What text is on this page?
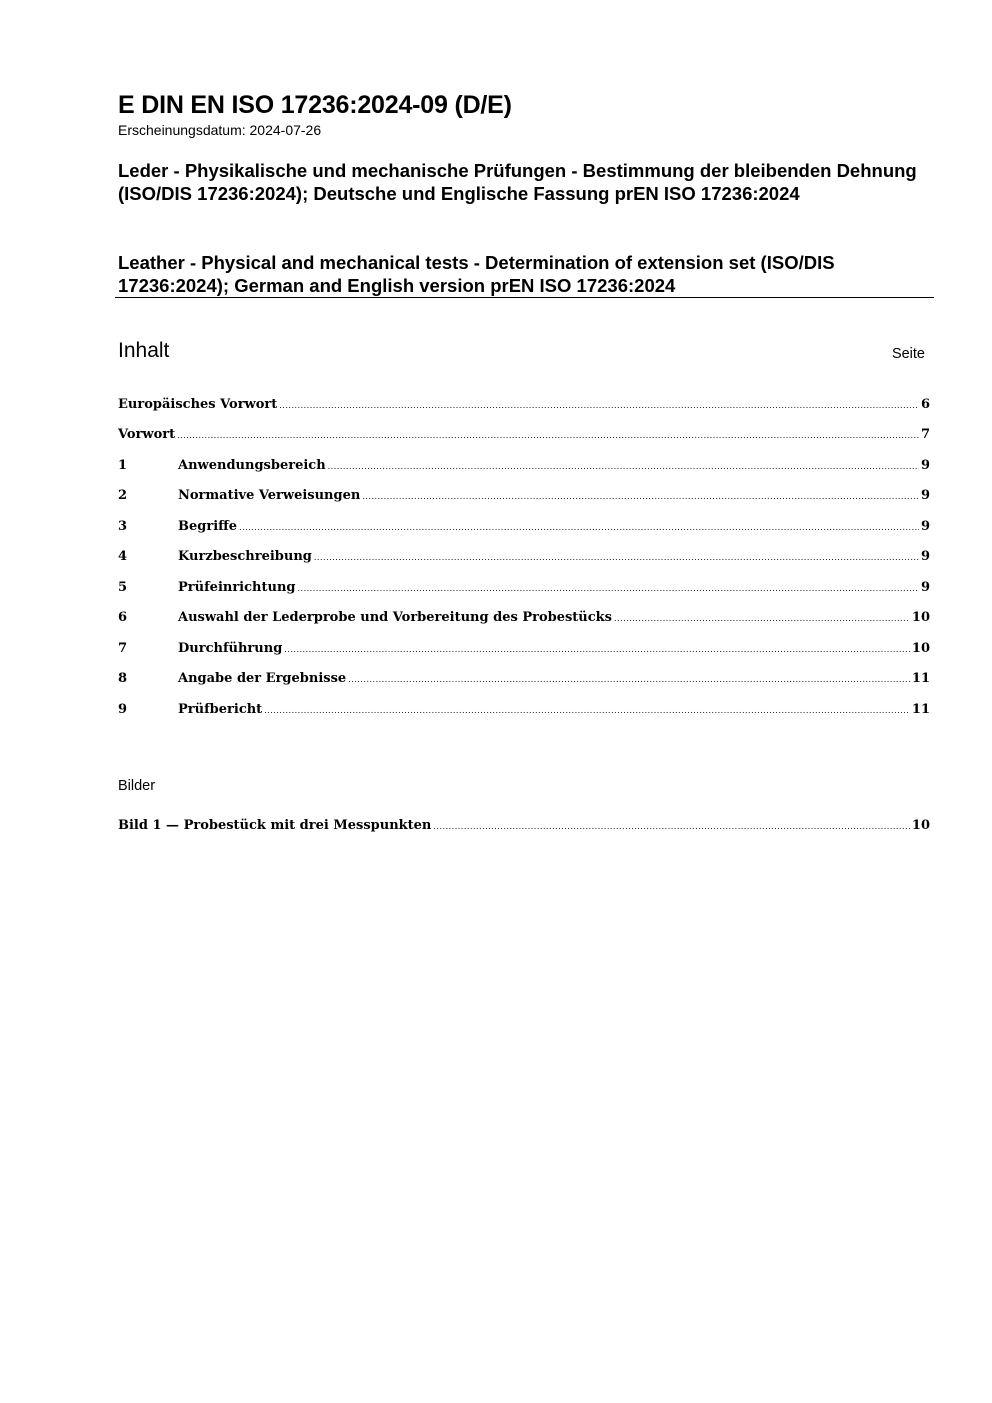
E DIN EN ISO 17236:2024-09 (D/E)
Erscheinungsdatum: 2024-07-26
Leder - Physikalische und mechanische Prüfungen - Bestimmung der bleibenden Dehnung (ISO/DIS 17236:2024); Deutsche und Englische Fassung prEN ISO 17236:2024
Leather - Physical and mechanical tests - Determination of extension set (ISO/DIS 17236:2024); German and English version prEN ISO 17236:2024
Inhalt	Seite
Europäisches Vorwort .....	6
Vorwort .....	7
1	Anwendungsbereich .....	9
2	Normative Verweisungen .....	9
3	Begriffe .....	9
4	Kurzbeschreibung .....	9
5	Prüfeinrichtung .....	9
6	Auswahl der Lederprobe und Vorbereitung des Probestücks .....	10
7	Durchführung .....	10
8	Angabe der Ergebnisse .....	11
9	Prüfbericht .....	11
Bilder
Bild 1 — Probestück mit drei Messpunkten .....	10
